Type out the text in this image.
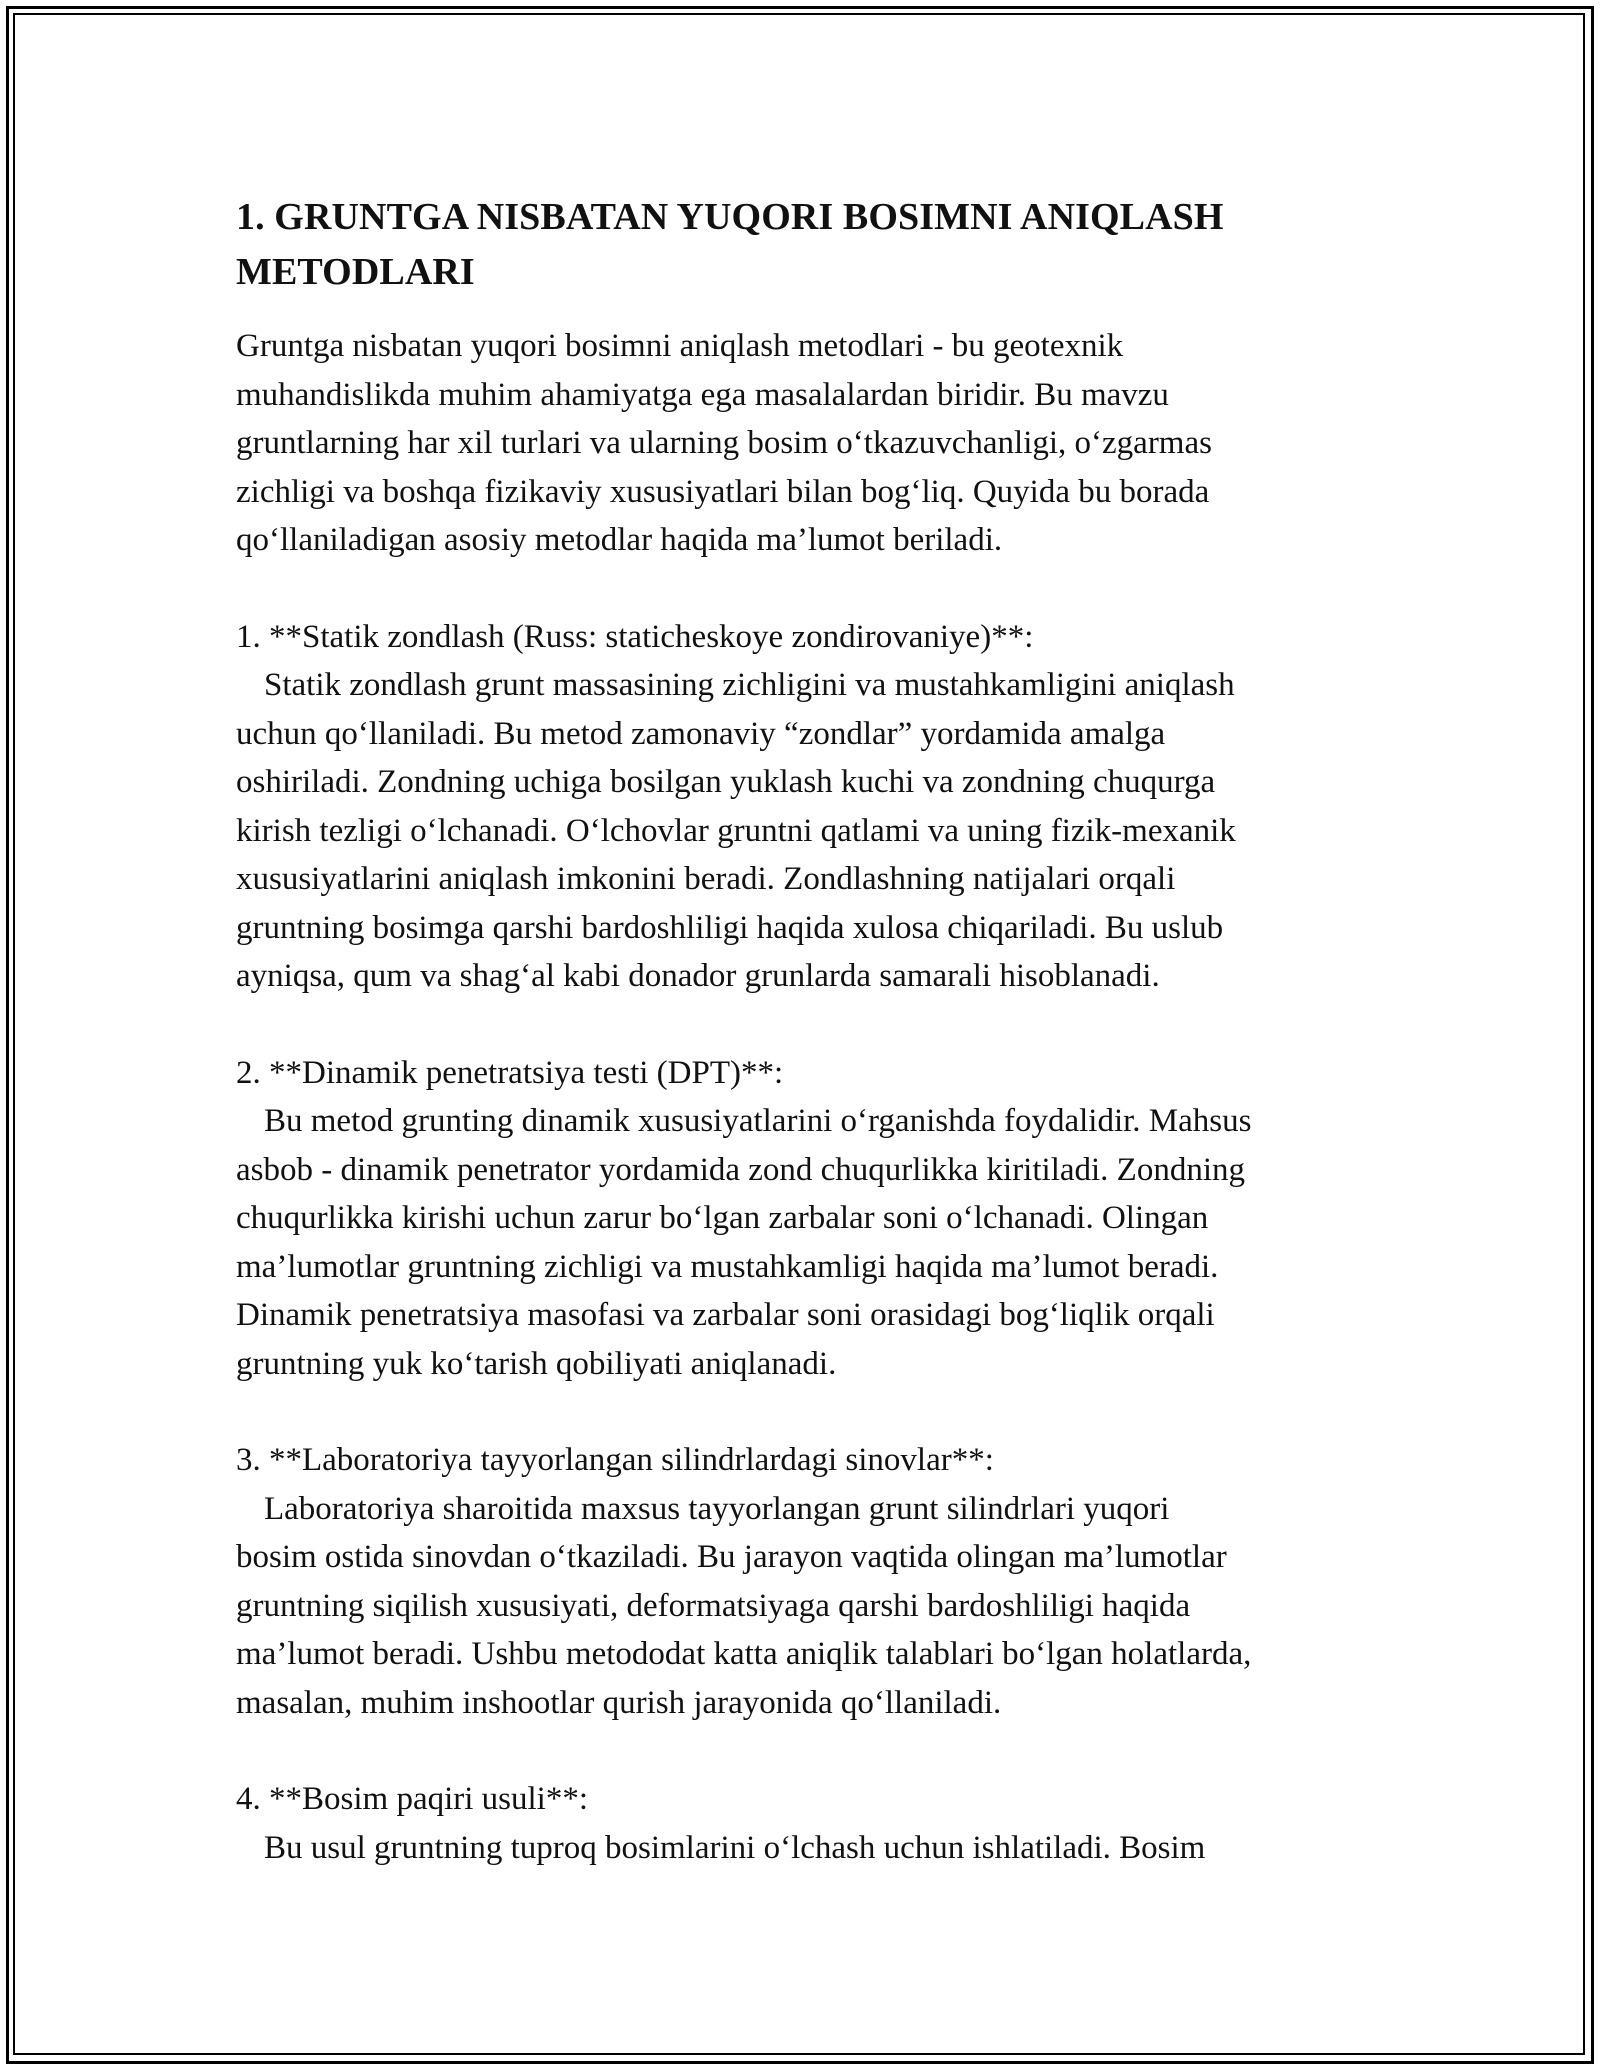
1. GRUNTGA NISBATAN YUQORI BOSIMNI ANIQLASH
METODLARI

Gruntga nisbatan yuqori bosimni aniqlash metodlari - bu geotexnik
muhandislikda muhim ahamiyatga ega masalalardan biridir. Bu mavzu
gruntlarning har xil turlari va ularning bosim o‘tkazuvchanligi, o‘zgarmas
zichligi va boshqa fizikaviy xususiyatlari bilan bog‘liq. Quyida bu borada
qo‘llaniladigan asosiy metodlar haqida ma’lumot beriladi.

1. **Statik zondlash (Russ: staticheskoye zondirovaniye)**:

Statik zondlash grunt massasining zichligini va mustahkamligini aniqlash
uchun qo‘llaniladi. Bu metod zamonaviy “zondlar” yordamida amalga
oshiriladi. Zondning uchiga bosilgan yuklash kuchi va zondning chuqurga
kirish tezligi o‘lchanadi. O‘lchovlar gruntni qatlami va uning fizik-mexanik
xususiyatlarini aniqlash imkonini beradi. Zondlashning natijalari orqali
gruntning bosimga qarshi bardoshliligi haqida xulosa chiqariladi. Bu uslub
ayniqsa, qum va shag‘al kabi donador grunlarda samarali hisoblanadi.

2. **Dinamik penetratsiya testi (DPT)**:

Bu metod grunting dinamik xususiyatlarini o‘rganishda foydalidir. Mahsus
asbob - dinamik penetrator yordamida zond chuqurlikka kiritiladi. Zondning
chuqurlikka kirishi uchun zarur bo‘lgan zarbalar soni o‘lchanadi. Olingan
ma’lumotlar gruntning zichligi va mustahkamligi haqida ma’lumot beradi.
Dinamik penetratsiya masofasi va zarbalar soni orasidagi bog‘liqlik orqali
gruntning yuk ko‘tarish qobiliyati aniqlanadi.

3. **Laboratoriya tayyorlangan silindrlardagi sinovlar**:

Laboratoriya sharoitida maxsus tayyorlangan grunt silindrlari yuqori
bosim ostida sinovdan o‘tkaziladi. Bu jarayon vaqtida olingan ma’lumotlar
gruntning siqilish xususiyati, deformatsiyaga qarshi bardoshliligi haqida
ma’lumot beradi. Ushbu metododat katta aniqlik talablari bo‘lgan holatlarda,
masalan, muhim inshootlar qurish jarayonida qo‘llaniladi.

4. **Bosim paqiri usuli**:

Bu usul gruntning tuproq bosimlarini o‘lchash uchun ishlatiladi. Bosim
